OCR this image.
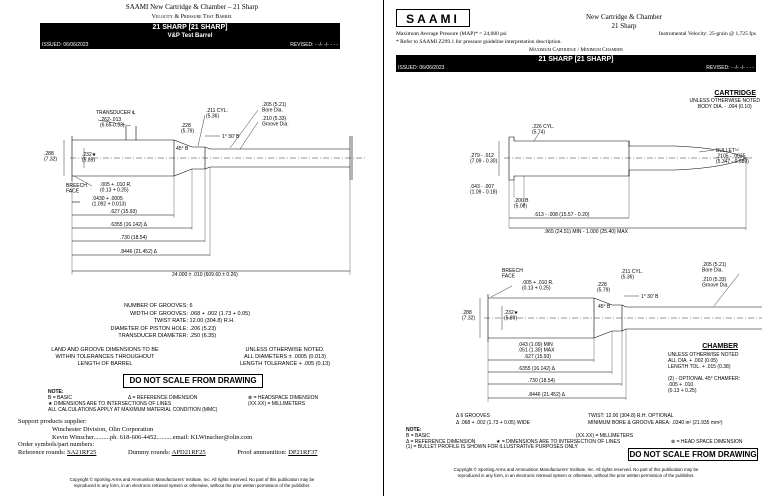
SAAMI New Cartridge & Chamber – 21 Sharp
Velocity & Pressure Test Barrel
21 SHARP [21 SHARP]
V&P Test Barrel
ISSUED: 06/06/2023	REVISED: - -/- -/- - - -
TRANSDUCER ℄
.262-.013 (6.65-0.33)
.211 CYL. (5.36)
.205 (5.21) Bore Dia.
.210 (5.33) Groove Dia.
.228 (5.79)
45° B
1° 30' B
.288 (7.32)
.232★ (5.89)
BREECH FACE
.005 + .010 R. (0.13 + 0.25)
.0430 + .0005 (1.092 + 0.013)
.627 (15.93)
.6355 (16.142) Δ
.730 (18.54)
.8446 (21.452) Δ
24.000 ± .010 (609.60 ± 0.26)
NUMBER OF GROOVES: 6
WIDTH OF GROOVES: .068 + .002 (1.73 + 0.05)
TWIST RATE: 12.00 (304.8) R.H.
DIAMETER OF PISTON HOLE: .206 (5.23)
TRANSDUCER DIAMETER: .250 (6.35)
LAND AND GROOVE DIMENSIONS TO BE
WITHIN TOLERANCES THROUGHOUT
LENGTH OF BARREL
UNLESS OTHERWISE NOTED.
ALL DIAMETERS ± .0005 (0.013)
LENGTH TOLERANCE + .005 (0.13)
DO NOT SCALE FROM DRAWING
NOTE:
B = BASIC	Δ = REFERENCE DIMENSION	⊗ = HEADSPACE DIMENSION
★ DIMENSIONS ARE TO INTERSECTIONS OF LINES	(XX.XX) = MILLIMETERS
ALL CALCULATIONS APPLY AT MAXIMUM MATERIAL CONDITION (MMC)
Support products supplier:
Winchester Division, Olin Corporation
Kevin Winscher..........ph. 618-606-4452..........email: KLWinscher@olin.com
Order symbols/part numbers:
Reference rounds: SA21RF25	Dummy rounds: APD21RF25	Proof ammunition: DP21RF37
Copyright © Sporting Arms and Ammunition Manufacturers' Institute, Inc. All rights reserved. No part of this publication may be
reproduced in any form, in an electronic retrieval system or otherwise, without the prior written permission of the publisher.
SAAMI	New Cartridge & Chamber
21 Sharp
Maximum Average Pressure (MAP)* = 24,000 psi	Instrumental Velocity: 25-grain @ 1,725 fps
* Refer to SAAMI Z299.1 for pressure guideline interpretation description.
Maximum Cartridge / Minimum Chamber
21 SHARP [21 SHARP]
ISSUED: 06/06/2023	REVISED: - -/- -/- - - -
CARTRIDGE
UNLESS OTHERWISE NOTED
BODY DIA. - .004 (0.10)
.226 CYL. (5.74)
.279 - .012 (7.09 - 0.30)
.043 - .007 (1.09 - 0.18)
.200 B (5.08)
BULLET⁽¹⁾ .2105 - .0035 (5.347 - 0.089)
.613 - .008 (15.57 - 0.20)
.965 (24.51) MIN - 1.000 (25.40) MAX
BREECH FACE
.005 + .010 R. (0.13 + 0.25)
.228 (5.79)
.211 CYL. (5.36)
.205 (5.21) Bore Dia.
.210 (5.33) Groove Dia.
45° B
1° 30' B
.288 (7.32)
.232★ (5.89)
.043 (1.09) MIN .051 (1.30) MAX
.627 (15.93)
.6355 (16.142) Δ
.730 (18.54)
.8446 (21.452) Δ
CHAMBER
UNLESS OTHERWISE NOTED
ALL DIA. + .002 (0.05)
LENGTH TOL. + .015 (0.38)
(2) - OPTIONAL 45° CHAMFER:
.005 + .010
(0.13 + 0.25)
Δ 6 GROOVES
Δ .068 + .002 (1.73 + 0.05) WIDE
TWIST: 12.00 (304.8) R.H. OPTIONAL
MINIMUM BORE & GROOVE AREA: .0340 in² (21.935 mm²)
NOTE:
B = BASIC	(XX.XX) = MILLIMETERS
Δ = REFERENCE DIMENSION	★ = DIMENSIONS ARE TO INTERSECTION OF LINES	⊗ = HEAD SPACE DIMENSION
(1) = BULLET PROFILE IS SHOWN FOR ILLUSTRATIVE PURPOSES ONLY
DO NOT SCALE FROM DRAWING
Copyright © Sporting Arms and Ammunition Manufacturers' Institute, Inc. All rights reserved. No part of this publication may be
reproduced in any form, in an electronic retrieval system or otherwise, without the prior written permission of the publisher.
